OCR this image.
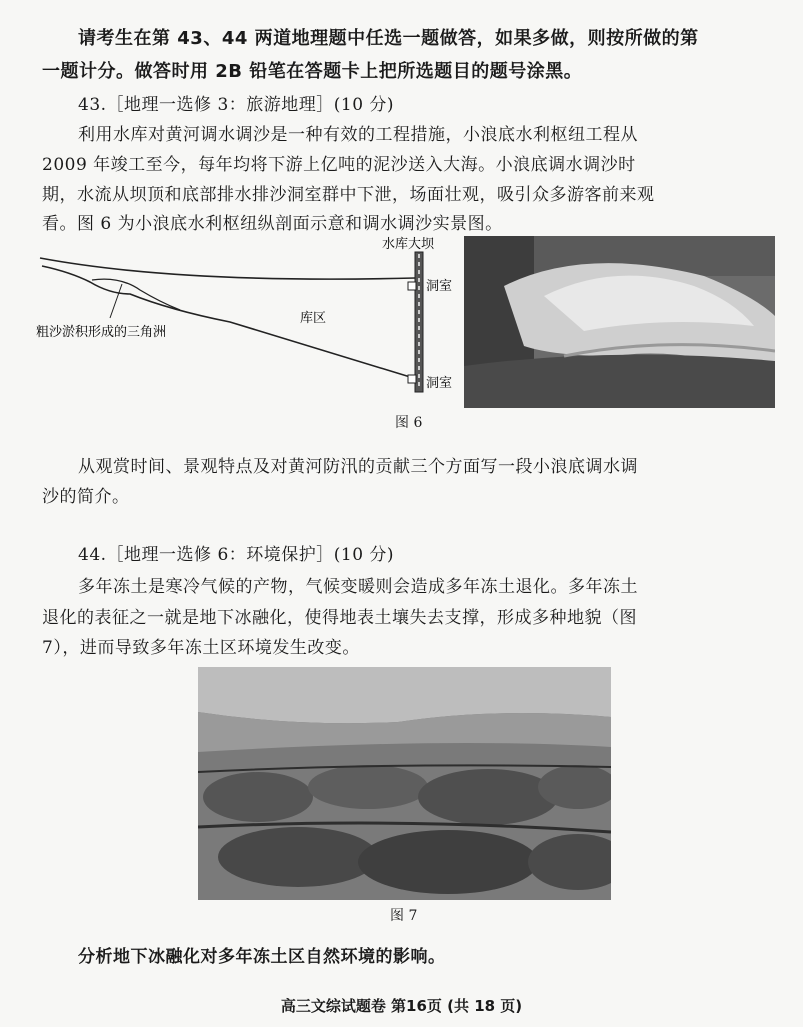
请考生在第 43、44 两道地理题中任选一题做答，如果多做，则按所做的第
一题计分。做答时用 2B 铅笔在答题卡上把所选题目的题号涂黑。
43.［地理一选修 3：旅游地理］(10 分)
利用水库对黄河调水调沙是一种有效的工程措施，小浪底水利枢纽工程从
2009 年竣工至今，每年均将下游上亿吨的泥沙送入大海。小浪底调水调沙时
期，水流从坝顶和底部排水排沙洞室群中下泄，场面壮观，吸引众多游客前来观
看。图 6 为小浪底水利枢纽纵剖面示意和调水调沙实景图。
水库大坝
洞室
库区
粗沙淤积形成的三角洲
洞室
图 6
从观赏时间、景观特点及对黄河防汛的贡献三个方面写一段小浪底调水调
沙的简介。
44.［地理一选修 6：环境保护］(10 分)
多年冻土是寒冷气候的产物，气候变暖则会造成多年冻土退化。多年冻土
退化的表征之一就是地下冰融化，使得地表土壤失去支撑，形成多种地貌（图
7），进而导致多年冻土区环境发生改变。
图 7
分析地下冰融化对多年冻土区自然环境的影响。
高三文综试题卷 第16页 (共 18 页)
